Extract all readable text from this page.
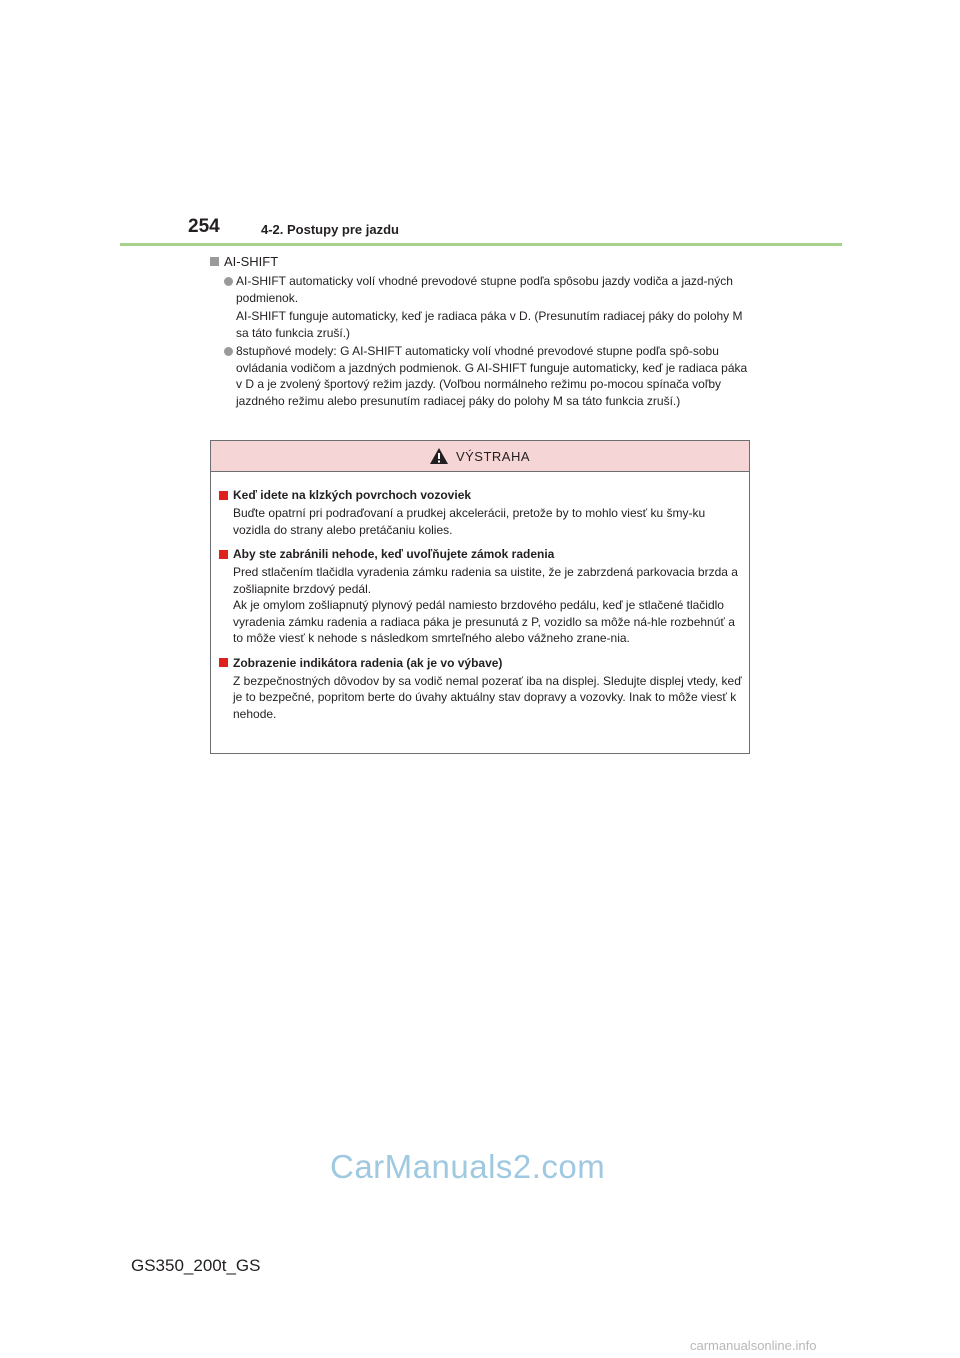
254	4-2. Postupy pre jazdu
AI-SHIFT
AI-SHIFT automaticky volí vhodné prevodové stupne podľa spôsobu jazdy vodiča a jazd-ných podmienok.
AI-SHIFT funguje automaticky, keď je radiaca páka v D. (Presunutím radiacej páky do polohy M sa táto funkcia zruší.)
8stupňové modely: G AI-SHIFT automaticky volí vhodné prevodové stupne podľa spô-sobu ovládania vodičom a jazdných podmienok. G AI-SHIFT funguje automaticky, keď je radiaca páka v D a je zvolený športový režim jazdy. (Voľbou normálneho režimu po-mocou spínača voľby jazdného režimu alebo presunutím radiacej páky do polohy M sa táto funkcia zruší.)
VÝSTRAHA
Keď idete na klzkých povrchoch vozoviek
Buďte opatrní pri podraďovaní a prudkej akcelerácii, pretože by to mohlo viesť ku šmy-ku vozidla do strany alebo pretáčaniu kolies.
Aby ste zabránili nehode, keď uvoľňujete zámok radenia
Pred stlačením tlačidla vyradenia zámku radenia sa uistite, že je zabrzdená parkovacia brzda a zošliapnite brzdový pedál.
Ak je omylom zošliapnutý plynový pedál namiesto brzdového pedálu, keď je stlačené tlačidlo vyradenia zámku radenia a radiaca páka je presunutá z P, vozidlo sa môže ná-hle rozbehnúť a to môže viesť k nehode s následkom smrteľného alebo vážneho zrane-nia.
Zobrazenie indikátora radenia (ak je vo výbave)
Z bezpečnostných dôvodov by sa vodič nemal pozerať iba na displej. Sledujte displej vtedy, keď je to bezpečné, popritom berte do úvahy aktuálny stav dopravy a vozovky. Inak to môže viesť k nehode.
CarManuals2.com
GS350_200t_GS
carmanualsonline.info
